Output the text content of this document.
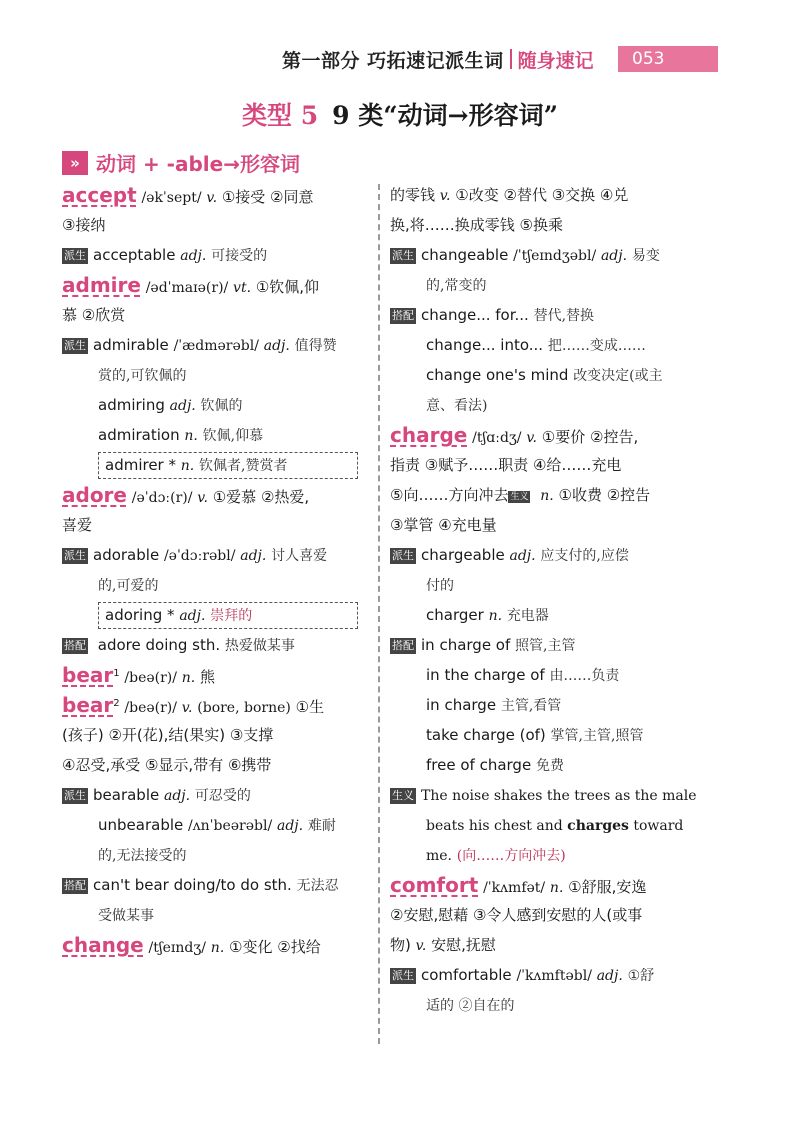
第一部分 巧拓速记派生词 随身速记	053
类型 5 9 类“动词→形容词”
» 动词 + -able→形容词
accept /əkˈsept/ v. ①接受 ②同意
③接纳
派生 acceptable adj. 可接受的
admire /ədˈmaɪə(r)/ vt. ①钦佩,仰
慕 ②欣赏
派生 admirable /ˈædmərəbl/ adj. 值得赞
赏的,可钦佩的
admiring adj. 钦佩的
admiration n. 钦佩,仰慕
admirer * n. 钦佩者,赞赏者
adore /əˈdɔː(r)/ v. ①爱慕 ②热爱,
喜爱
派生 adorable /əˈdɔːrəbl/ adj. 讨人喜爱
的,可爱的
adoring * adj. 崇拜的
搭配 adore doing sth. 热爱做某事
bear$^1$ /beə(r)/ n. 熊
bear$^2$ /beə(r)/ v. (bore, borne) ①生
(孩子) ②开(花),结(果实) ③支撑
④忍受,承受 ⑤显示,带有 ⑥携带
派生 bearable adj. 可忍受的
unbearable /ʌnˈbeərəbl/ adj. 难耐
的,无法接受的
搭配 can't bear doing/to do sth. 无法忍
受做某事
change /tʃeɪndʒ/ n. ①变化 ②找给
的零钱 v. ①改变 ②替代 ③交换 ④兑
换,将……换成零钱 ⑤换乘
派生 changeable /ˈtʃeɪndʒəbl/ adj. 易变
的,常变的
搭配 change... for... 替代,替换
change... into... 把……变成……
change one's mind 改变决定(或主
意、看法)
charge /tʃɑːdʒ/ v. ①要价 ②控告,
指责 ③赋予……职责 ④给……充电
⑤向……方向冲去 生义 n. ①收费 ②控告
③掌管 ④充电量
派生 chargeable adj. 应支付的,应偿
付的
charger n. 充电器
搭配 in charge of 照管,主管
in the charge of 由……负责
in charge 主管,看管
take charge (of) 掌管,主管,照管
free of charge 免费
生义 The noise shakes the trees as the male
beats his chest and charges toward
me. (向……方向冲去)
comfort /ˈkʌmfət/ n. ①舒服,安逸
②安慰,慰藉 ③令人感到安慰的人(或事
物) v. 安慰,抚慰
派生 comfortable /ˈkʌmftəbl/ adj. ①舒
适的 ②自在的
